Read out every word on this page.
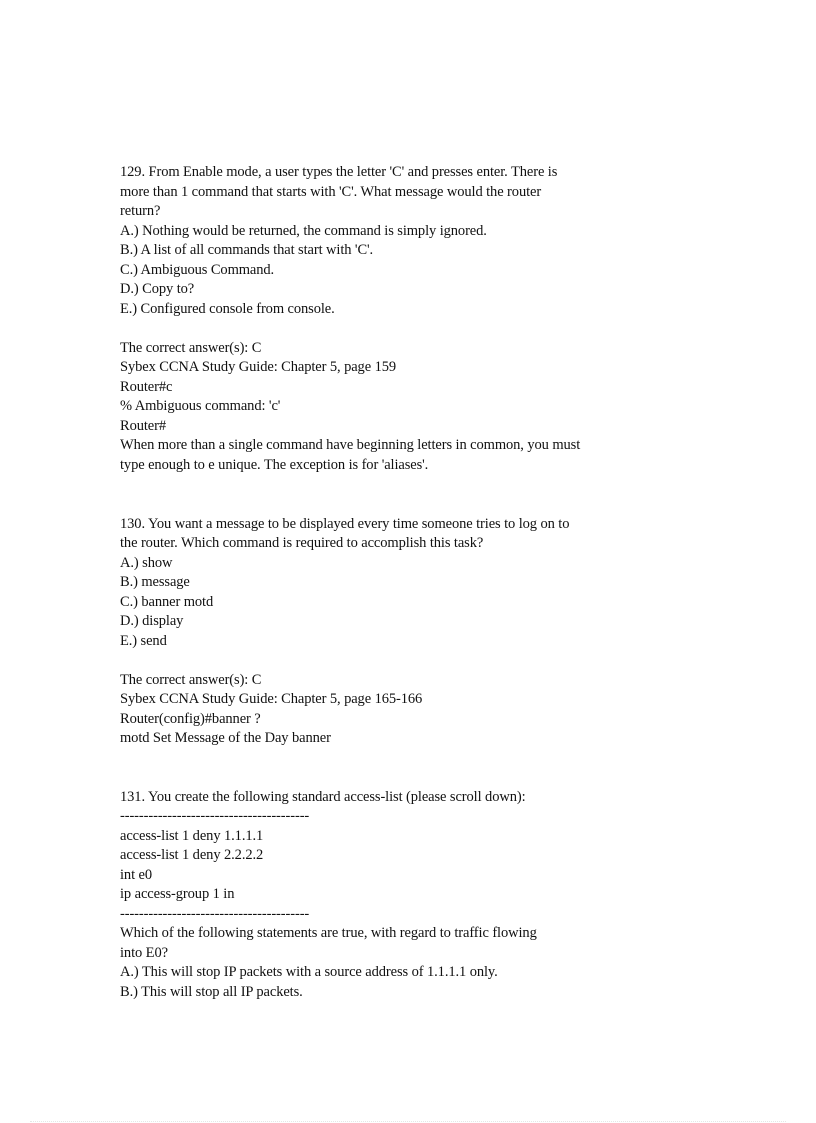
129. From Enable mode, a user types the letter 'C' and presses enter. There is
more than 1 command that starts with 'C'. What message would the router
return?
A.) Nothing would be returned, the command is simply ignored.
B.) A list of all commands that start with 'C'.
C.) Ambiguous Command.
D.) Copy to?
E.) Configured console from console.
The correct answer(s): C
Sybex CCNA Study Guide: Chapter 5, page 159
Router#c
% Ambiguous command: 'c'
Router#
When more than a single command have beginning letters in common, you must
type enough to e unique. The exception is for 'aliases'.
130. You want a message to be displayed every time someone tries to log on to
the router. Which command is required to accomplish this task?
A.) show
B.) message
C.) banner motd
D.) display
E.) send
The correct answer(s): C
Sybex CCNA Study Guide: Chapter 5, page 165-166
Router(config)#banner ?
motd Set Message of the Day banner
131. You create the following standard access-list (please scroll down):
----------------------------------------
access-list 1 deny 1.1.1.1
access-list 1 deny 2.2.2.2
int e0
ip access-group 1 in
----------------------------------------
Which of the following statements are true, with regard to traffic flowing
into E0?
A.) This will stop IP packets with a source address of 1.1.1.1 only.
B.) This will stop all IP packets.
